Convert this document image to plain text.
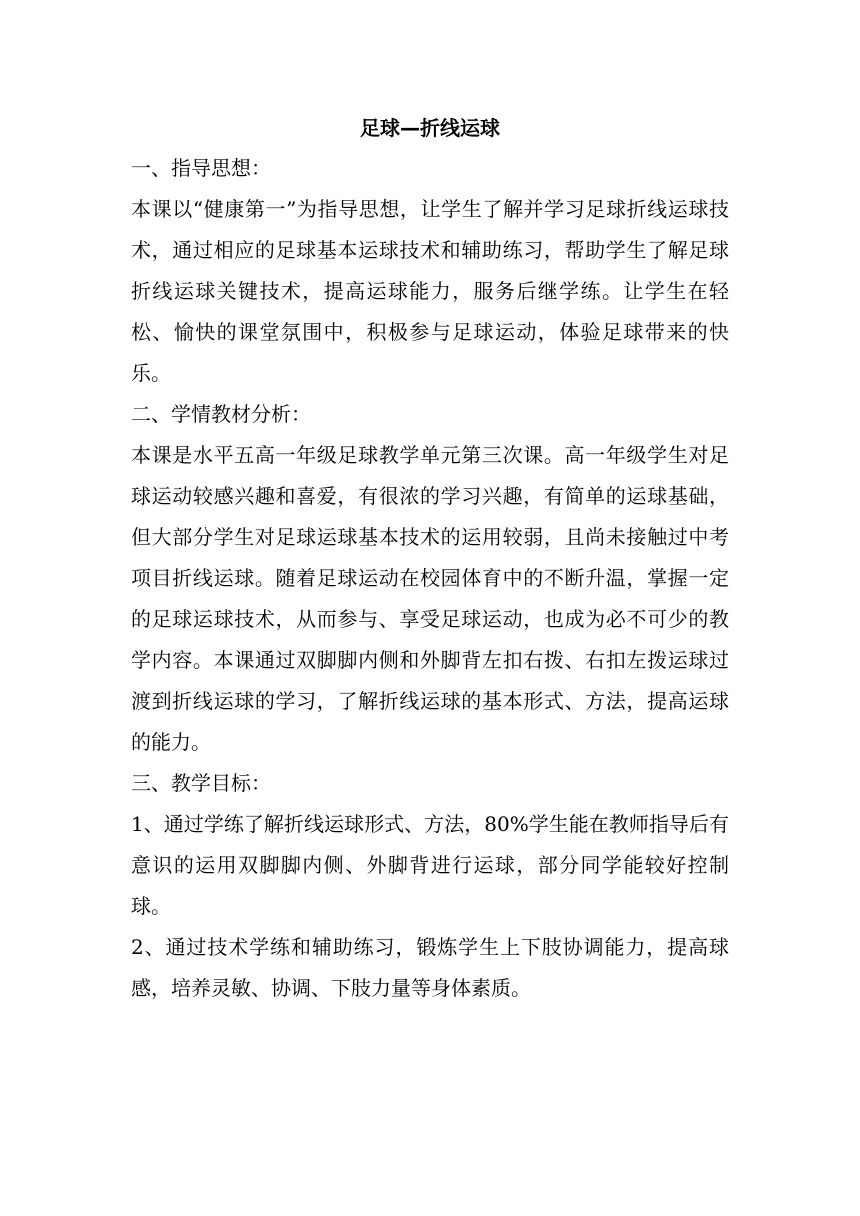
足球—折线运球

一、指导思想：

本课以“健康第一”为指导思想，让学生了解并学习足球折线运球技术，通过相应的足球基本运球技术和辅助练习，帮助学生了解足球折线运球关键技术，提高运球能力，服务后继学练。让学生在轻松、愉快的课堂氛围中，积极参与足球运动，体验足球带来的快乐。

二、学情教材分析：

本课是水平五高一年级足球教学单元第三次课。高一年级学生对足球运动较感兴趣和喜爱，有很浓的学习兴趣，有简单的运球基础，但大部分学生对足球运球基本技术的运用较弱，且尚未接触过中考项目折线运球。随着足球运动在校园体育中的不断升温，掌握一定的足球运球技术，从而参与、享受足球运动，也成为必不可少的教学内容。本课通过双脚脚内侧和外脚背左扣右拨、右扣左拨运球过渡到折线运球的学习，了解折线运球的基本形式、方法，提高运球的能力。

三、教学目标：

1、通过学练了解折线运球形式、方法，80%学生能在教师指导后有意识的运用双脚脚内侧、外脚背进行运球，部分同学能较好控制球。

2、通过技术学练和辅助练习，锻炼学生上下肢协调能力，提高球感，培养灵敏、协调、下肢力量等身体素质。
